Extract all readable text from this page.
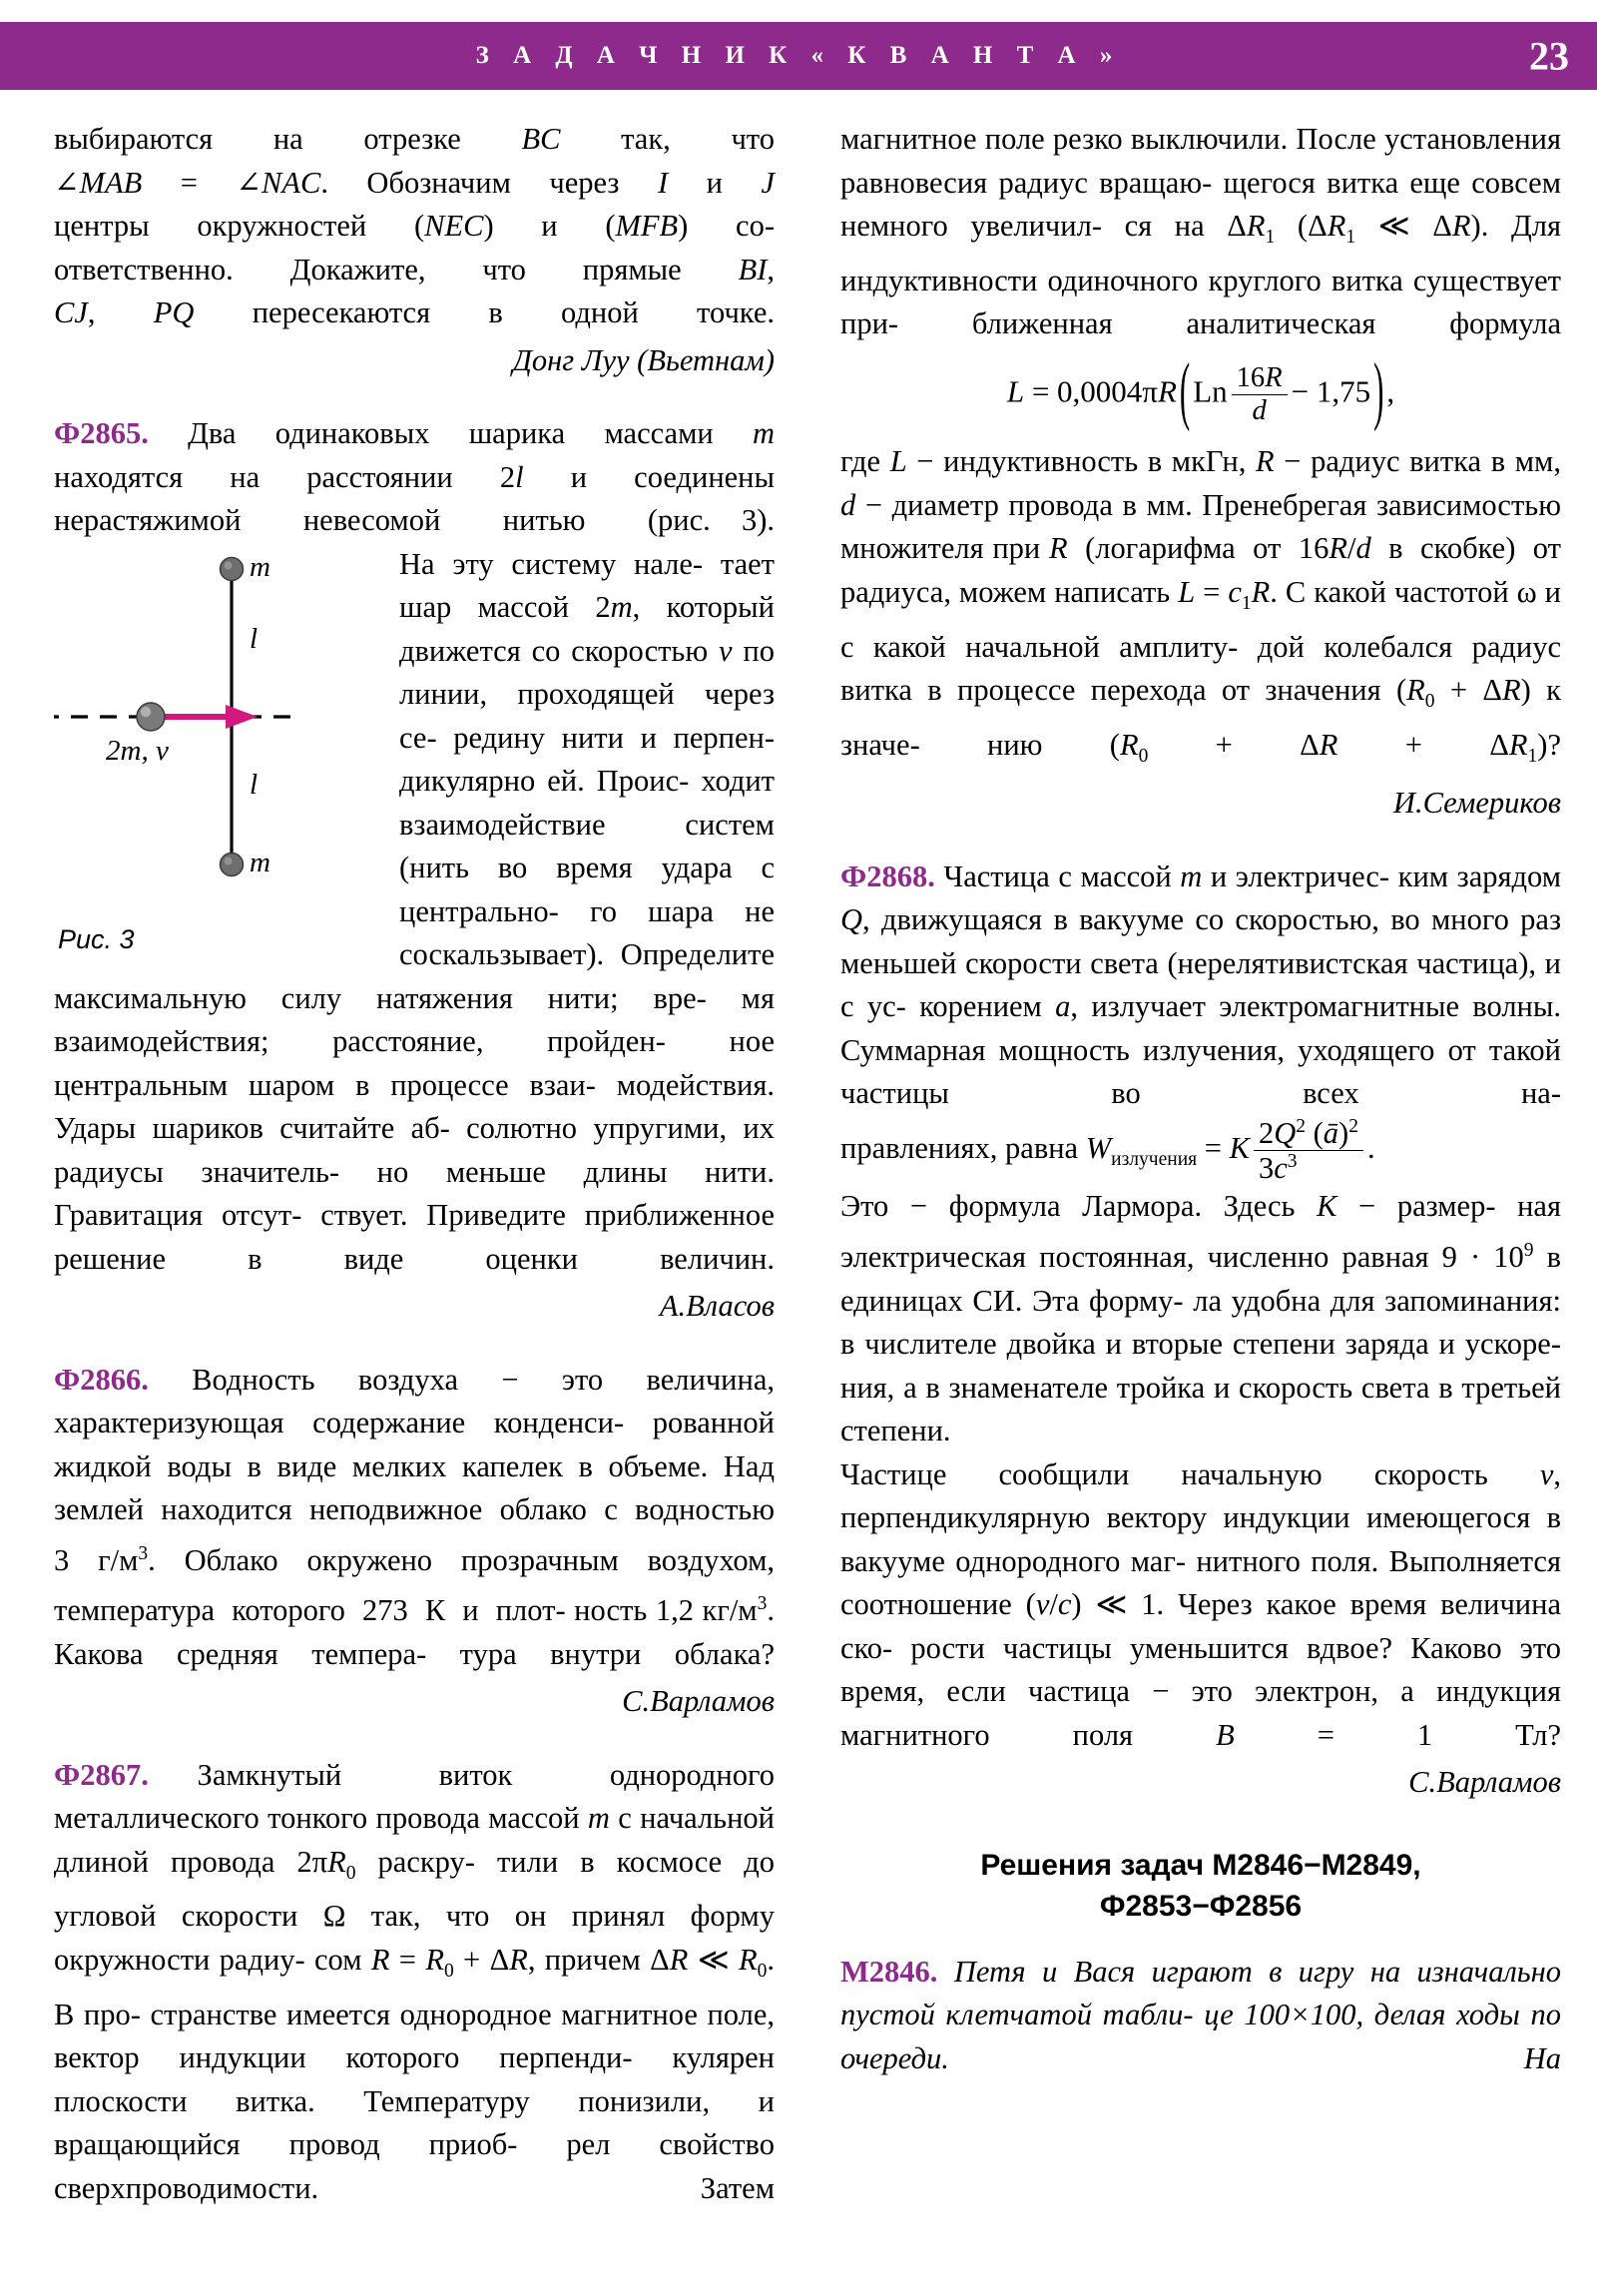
З А Д А Ч Н И К « К В А Н Т А »	23

выбираются  на  отрезке  BC  так,  что
∠MAB = ∠NAC. Обозначим через I и J
центры окружностей (NEC) и (MFB) со-
ответственно. Докажите, что прямые BI,
CJ, PQ пересекаются в одной точке.

Донг Луу (Вьетнам)

Ф2865. Два одинаковых шарика массами m находятся  на  расстоянии  2l  и  соединены нерастяжимой  невесомой  нитью  (рис. 3).

m
l
l
m
2m, v
Рис. 3

На эту систему нале- тает шар массой 2m, который движется со скоростью v по линии, проходящей через се- редину нити и перпен- дикулярно ей. Проис- ходит взаимодействие систем (нить во время удара с центрально- го шара не соскальзывает). Определите максимальную силу натяжения нити; вре- мя взаимодействия; расстояние, пройден- ное центральным шаром в процессе взаи- модействия. Удары шариков считайте аб- солютно упругими, их радиусы значитель- но меньше длины нити. Гравитация отсут- ствует. Приведите приближенное решение в виде оценки величин.

А.Власов

Ф2866. Водность воздуха − это величина, характеризующая содержание конденси- рованной жидкой воды в виде мелких капелек в объеме. Над землей находится неподвижное облако с водностью 3 $г/м^3$. Облако окружено прозрачным воздухом, температура  которого  273  К  и  плот- ность 1,2 $кг/м^3$. Какова средняя темпера- тура внутри облака?

С.Варламов

Ф2867. Замкнутый  виток  однородного металлического тонкого провода массой m с начальной длиной провода $2\pi R_0$ раскру- тили в космосе до угловой скорости Ω так, что он принял форму окружности радиу- сом $R = R_0 + \Delta R$, причем ΔR ≪ $R_0$. В про- странстве имеется однородное магнитное поле, вектор индукции которого перпенди- кулярен плоскости витка. Температуру понизили, и вращающийся провод приоб- рел свойство сверхпроводимости. Затем

магнитное поле резко выключили. После установления равновесия радиус вращаю- щегося витка еще совсем немного увеличил- ся на $\Delta R_1$ ($\Delta R_1$ ≪ ΔR). Для индуктивности одиночного круглого витка существует при- ближенная аналитическая формула

$L = 0,0004\pi R(Ln \frac{16R}{d} - 1,75)$,

где L − индуктивность в мкГн, R − радиус витка в мм, d − диаметр провода в мм. Пренебрегая зависимостью множителя при R  (логарифма  от  16R/d  в  скобке)  от радиуса, можем написать $L = c_1R$. С какой частотой ω и с какой начальной амплиту- дой колебался радиус витка в процессе перехода от значения $(R_0 + \Delta R)$ к значе- нию $(R_0 + \Delta R + \Delta R_1)$?

И.Семериков

Ф2868. Частица с массой m и электричес- ким зарядом Q, движущаяся в вакууме со скоростью, во много раз меньшей скорости света (нерелятивистская частица), и с ус- корением a, излучает электромагнитные волны. Суммарная мощность излучения, уходящего от такой частицы во всех на-

правлениях, равна $W_{излучения} = K \frac{2Q^2 (ā)^2}{3c^3}$ .

Это − формула Лармора. Здесь K − размер- ная электрическая постоянная, численно равная $9 \cdot 10^9$ в единицах СИ. Эта форму- ла удобна для запоминания: в числителе двойка и вторые степени заряда и ускоре- ния, а в знаменателе тройка и скорость света в третьей степени.

Частице сообщили начальную скорость v, перпендикулярную вектору индукции имеющегося в вакууме однородного маг- нитного поля. Выполняется соотношение (v/c) ≪ 1. Через какое время величина ско- рости частицы уменьшится вдвое? Каково это время, если частица − это электрон, а индукция магнитного поля B = 1 Тл?

С.Варламов

Решения задач М2846−М2849,
Ф2853−Ф2856

М2846. Петя и Вася играют в игру на изначально пустой клетчатой табли- це 100×100, делая ходы по очереди. На
